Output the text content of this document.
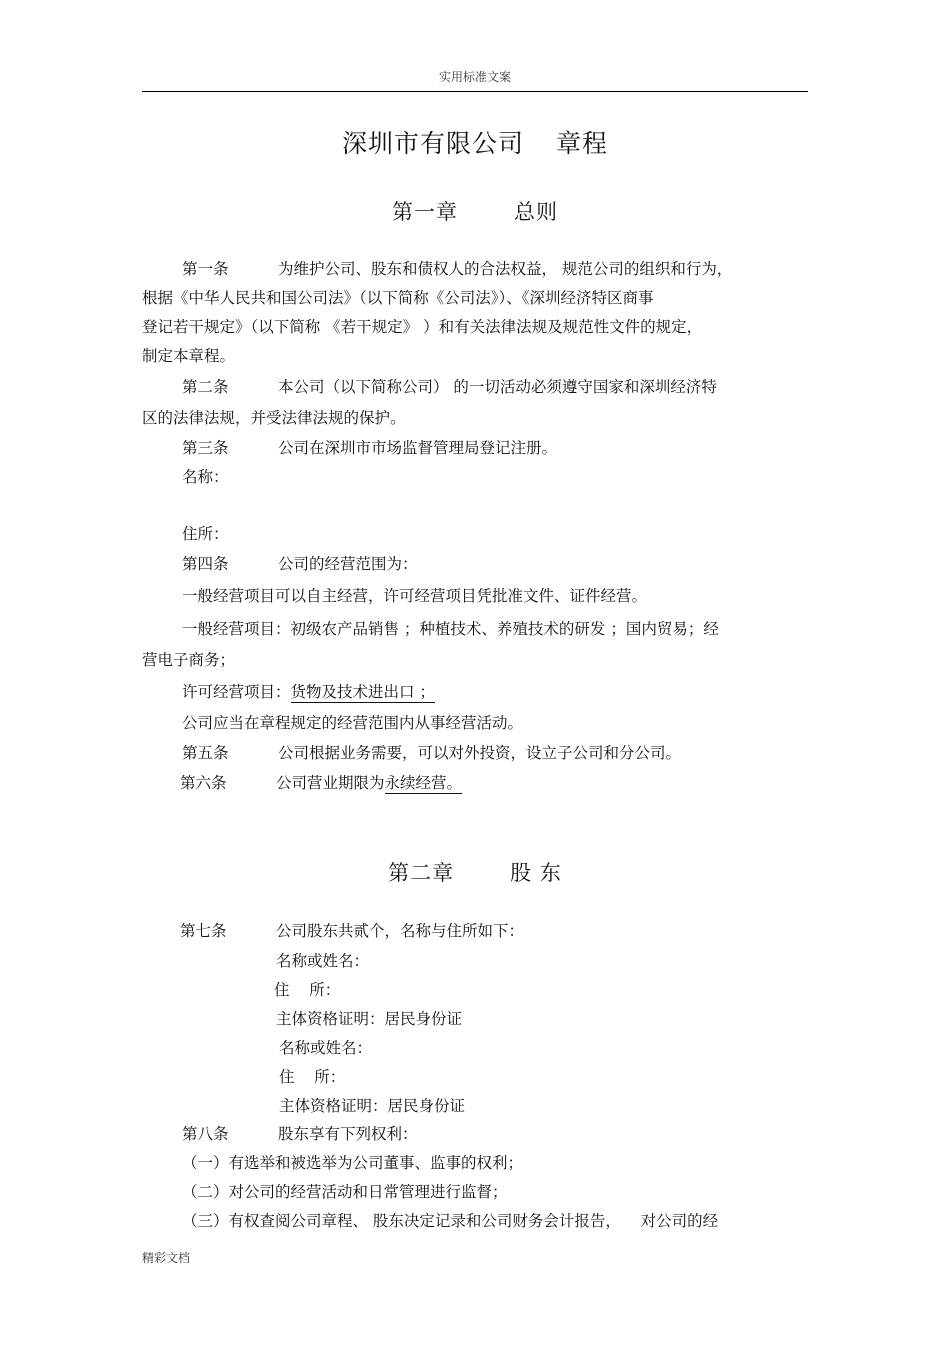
实用标准文案
深圳市有限公司 章程
第一章	总则
第一条	为维护公司、股东和债权人的合法权益， 规范公司的组织和行为，
根据《中华人民共和国公司法》（以下简称《公司法》）、《深圳经济特区商事
登记若干规定》（以下简称 《若干规定》 ）和有关法律法规及规范性文件的规定，
制定本章程。
第二条	本公司（以下简称公司） 的一切活动必须遵守国家和深圳经济特
区的法律法规，并受法律法规的保护。
第三条	公司在深圳市市场监督管理局登记注册。
名称：
住所：
第四条	公司的经营范围为：
一般经营项目可以自主经营，许可经营项目凭批准文件、证件经营。
一般经营项目：初级农产品销售 ；种植技术、养殖技术的研发 ；国内贸易；经
营电子商务；
许可经营项目：货物及技术进出口 ；
公司应当在章程规定的经营范围内从事经营活动。
第五条	公司根据业务需要，可以对外投资，设立子公司和分公司。
第六条	公司营业期限为永续经营。
第二章	股 东
第七条	公司股东共贰个，名称与住所如下：
名称或姓名：
住    所：
主体资格证明：居民身份证
名称或姓名：
住    所：
主体资格证明：居民身份证
第八条	股东享有下列权利：
（一）有选举和被选举为公司董事、监事的权利；
（二）对公司的经营活动和日常管理进行监督；
（三）有权查阅公司章程、 股东决定记录和公司财务会计报告，    对公司的经
精彩文档
